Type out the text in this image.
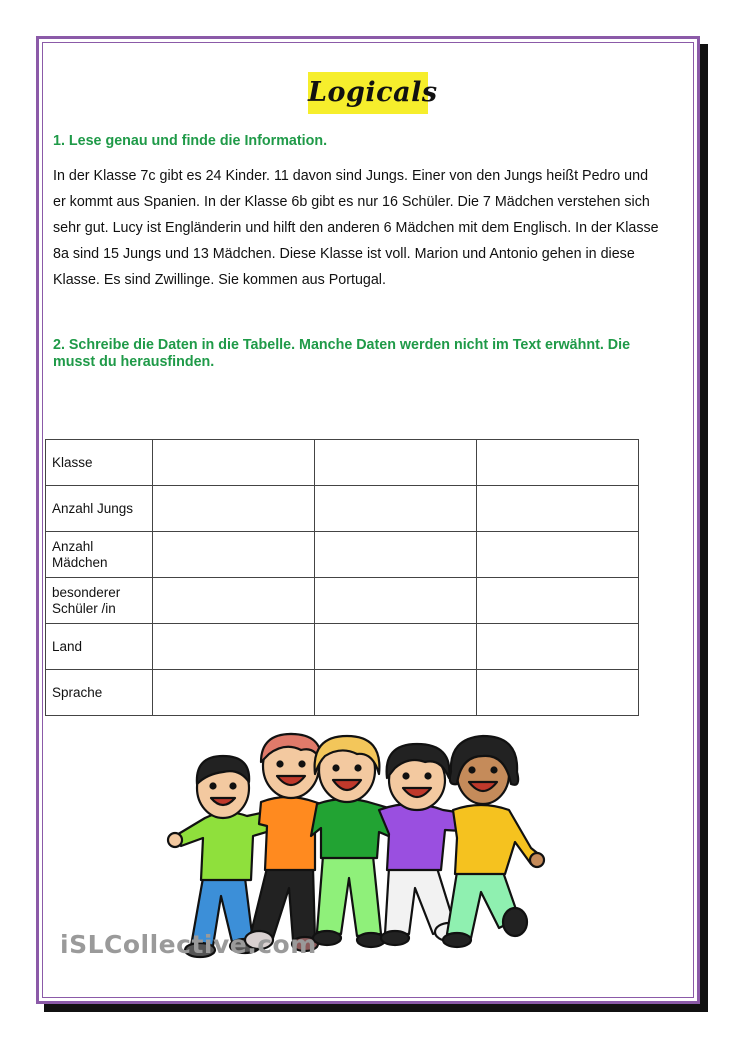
Logicals
1. Lese genau und finde die Information.
In der Klasse 7c gibt es 24 Kinder. 11 davon sind Jungs. Einer von den Jungs heißt Pedro und
er kommt aus Spanien. In der Klasse 6b gibt es nur 16 Schüler. Die 7 Mädchen verstehen sich
sehr gut. Lucy ist Engländerin und hilft den anderen 6 Mädchen mit dem Englisch. In der Klasse
8a sind 15 Jungs und 13 Mädchen. Diese Klasse ist voll. Marion und Antonio gehen in diese
Klasse. Es sind Zwillinge. Sie kommen aus Portugal.
2. Schreibe die Daten in die Tabelle. Manche Daten werden nicht im Text erwähnt. Die musst du herausfinden.
Klasse			

Anzahl Jungs			

Anzahl
Mädchen			

besonderer
Schüler /in			

Land			

Sprache			

iSLCollective.com
